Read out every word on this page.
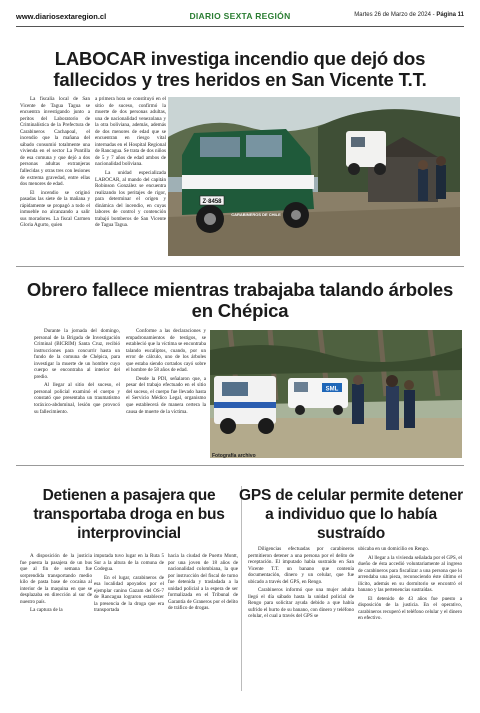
www.diariosextaregion.cl	DIARIO SEXTA REGIÓN	Martes 26 de Marzo de 2024 - Página 11
LABOCAR investiga incendio que dejó dos fallecidos y tres heridos en San Vicente T.T.

La fiscalía local de San Vicente de Tagua Tagua se encuentra investigando junto a peritos del Laboratorio de Criminalística de la Prefectura de Carabineros Cachapoal, el incendio que la mañana del sábado consumió totalmente una vivienda en el sector La Puntilla de esa comuna y que dejó a dos personas adultas extranjeras fallecidas y otras tres con lesiones de extrema gravedad, entre ellas dos menores de edad.

El incendio se originó pasadas las siete de la mañana y rápidamente se propagó a todo el inmueble no alcanzando a salir sus moradores. La fiscal Carmen Gloria Agurto, quien

a primera hora se constituyó en el sitio de suceso, confirmó la muerte de dos personas adultas, una de nacionalidad venezolana y la otra boliviana, además, además de dos menores de edad que se encuentran en riesgo vital internadas en el Hospital Regional de Rancagua. Se trata de dos niños de 5 y 7 años de edad ambos de nacionalidad boliviana.

La unidad especializada LABOCAR, al mando del capitán Robinson González se encuentra realizando los peritajes de rigor, para determinar el origen y dinámica del incendio, en cuyas labores de control y contención trabajó bomberos de San Vicente de Tagua Tagua.

Z·8458
CARABINEROS DE CHILE
Obrero fallece mientras trabajaba talando árboles en Chépica

Durante la jornada del domingo, personal de la Brigada de Investigación Criminal (BICRIM) Santa Cruz, recibió instrucciones para concurrir hasta un fundo de la comuna de Chépica, para investigar la muerte de un hombre cuyo cuerpo se encontraba al interior del predio.

Al llegar al sitio del suceso, el personal policial examinó el cuerpo y constató que presentaba un traumatismo toráxico-abdominal, lesión que provocó su fallecimiento.

Conforme a las declaraciones y empadronamientos de testigos, se estableció que la víctima se encontraba talando eucaliptos, cuando, por un error de cálculo, uno de los árboles que estaba siendo cortados cayó sobre el hombre de 58 años de edad.

Desde la PDI, señalaron que, a pesar del trabajo efectuado en el sitio del suceso, el cuerpo fue llevado hasta el Servicio Médico Legal, organismo que establecerá de manera certera la causa de muerte de la víctima.

SML
Fotografía archivo
Detienen a pasajera que transportaba droga en bus interprovincial

A disposición de la justicia fue puesta la pasajera de un bus que al fin de semana fue sorprendida transportando medio kilo de pasta base de cocaína al interior de la maquina en que se desplazaba en dirección al sur de nuestro país.

La captura de la

imputada tuvo lugar en la Ruta 5 Sur a la altura de la comuna de Codegua.

En el lugar, carabineros de esa localidad apoyados por el ejemplar canino Gazam del OS-7 de Rancagua lograron establecer la presencia de la droga que era transportada

hacia la ciudad de Puerto Montt, por una joven de 18 años de nacionalidad colombiana, la que por instrucción del fiscal de turno fue detenida y trasladada a la unidad policial a la espera de ser formalizada en el Tribunal de Garantía de Graneros por el delito de tráfico de drogas.

GPS de celular permite detener a individuo que lo había sustraído

Diligencias efectuadas por carabineros permitieron detener a una persona por el delito de receptación. El imputado había sustraído en San Vicente T.T. un banano que contenía documentación, dinero y un celular, que fue ubicado a través del GPS, en Rengo.

Carabineros informó que una mujer adulta llegó el día sábado hasta la unidad policial de Rengo para solicitar ayuda debido a que había sufrido el hurto de su banano, con dinero y teléfono celular, el cual a través del GPS se

ubicaba en un domicilio en Rengo.

Al llegar a la vivienda señalada por el GPS, el dueño de ésta accedió voluntariamente al ingreso de carabineros para fiscalizar a una persona que lo arrendaba una pieza, reconociendo éste último el ilícito, además en su dormitorio se encontró el banano y las pertenencias sustraídas.

El detenido de 43 años fue puesto a disposición de la justicia. En el operativo, carabineros recuperó el teléfono celular y el dinero en efectivo.
